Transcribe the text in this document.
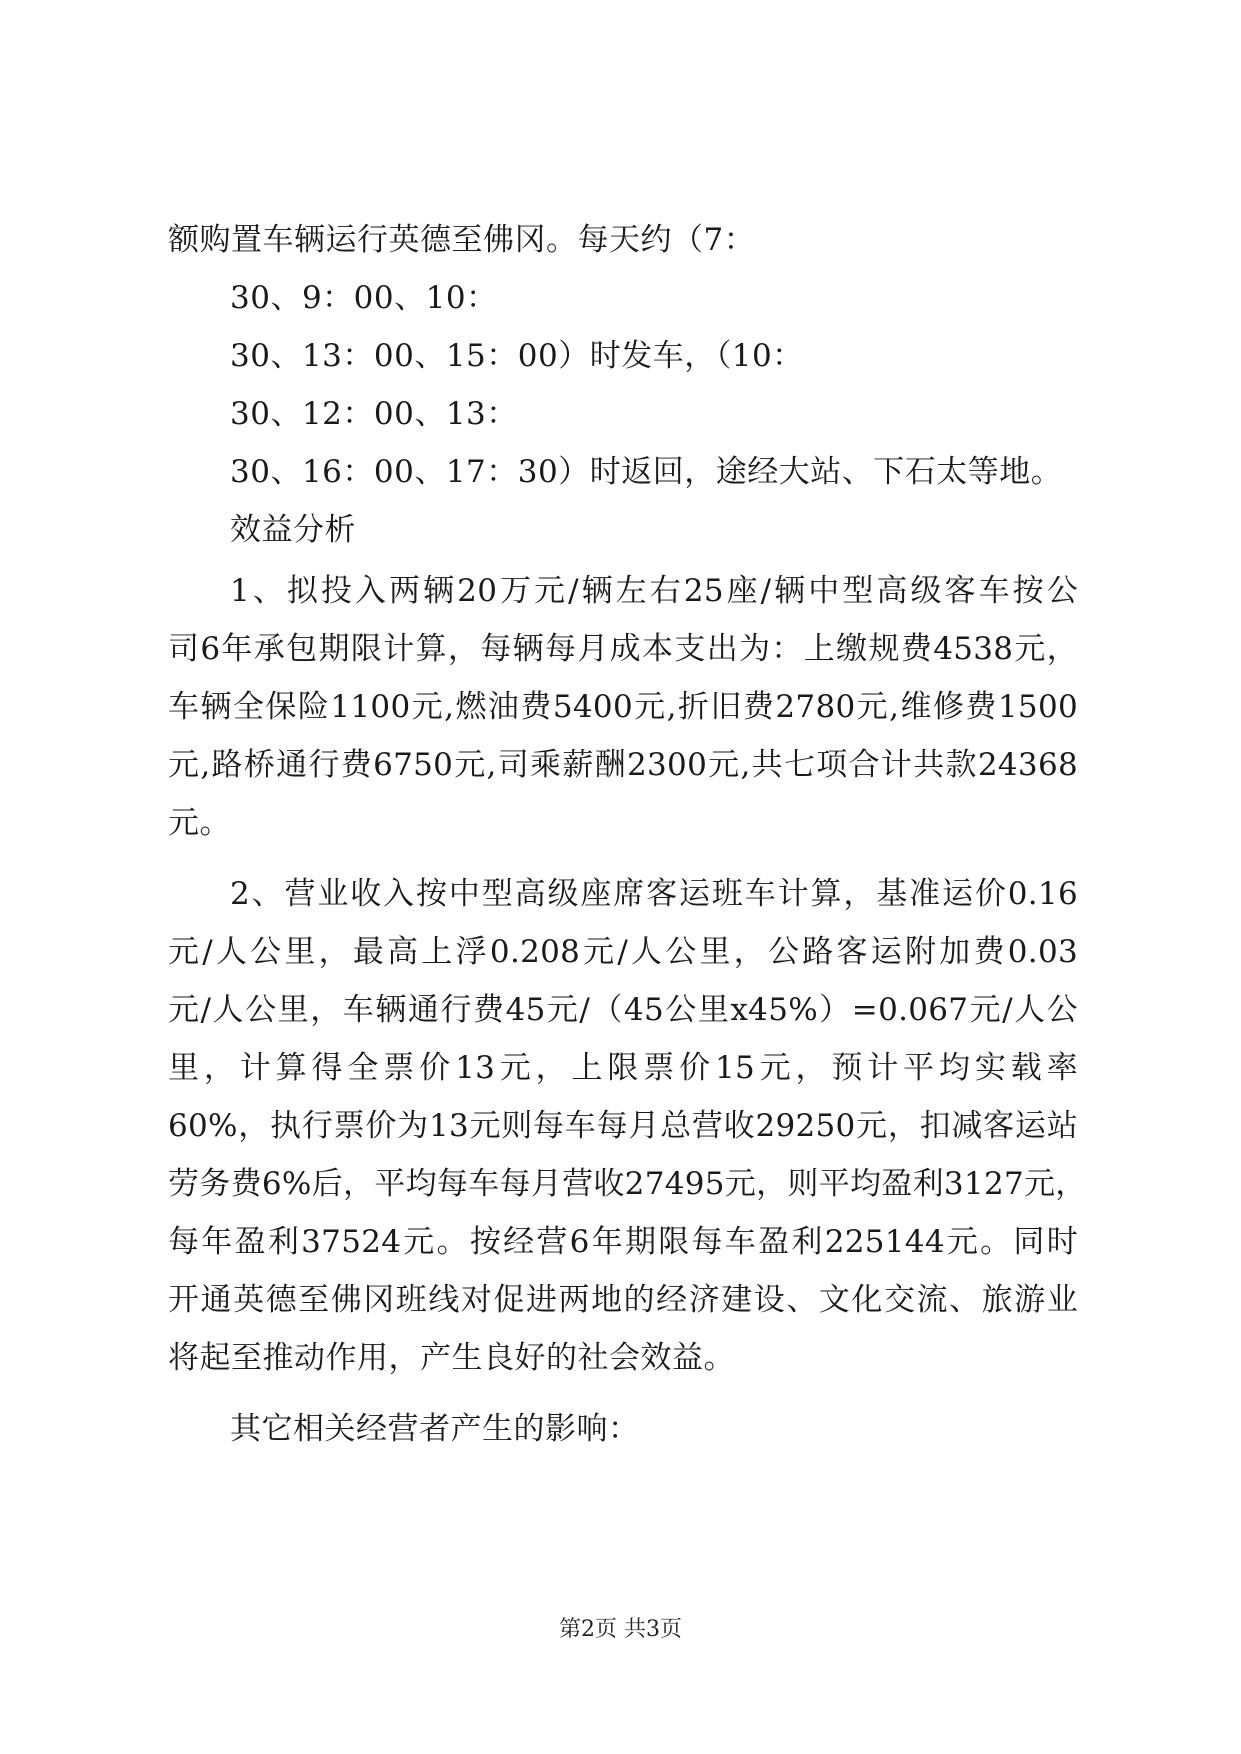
额购置车辆运行英德至佛冈。每天约（7：
30、9：00、10：
30、13：00、15：00）时发车，（10：
30、12：00、13：
30、16：00、17：30）时返回，途经大站、下石太等地。
效益分析
1、拟投入两辆20万元/辆左右25座/辆中型高级客车按公
司6年承包期限计算，每辆每月成本支出为：上缴规费4538元，
车辆全保险1100元,燃油费5400元,折旧费2780元,维修费1500
元,路桥通行费6750元,司乘薪酬2300元,共七项合计共款24368
元。
2、营业收入按中型高级座席客运班车计算，基准运价0.16
元/人公里，最高上浮0.208元/人公里，公路客运附加费0.03
元/人公里，车辆通行费45元/（45公里x45%）=0.067元/人公
里，计算得全票价13元，上限票价15元，预计平均实载率
60%，执行票价为13元则每车每月总营收29250元，扣减客运站
劳务费6%后，平均每车每月营收27495元，则平均盈利3127元，
每年盈利37524元。按经营6年期限每车盈利225144元。同时
开通英德至佛冈班线对促进两地的经济建设、文化交流、旅游业
将起至推动作用，产生良好的社会效益。
其它相关经营者产生的影响：
第2页 共3页
